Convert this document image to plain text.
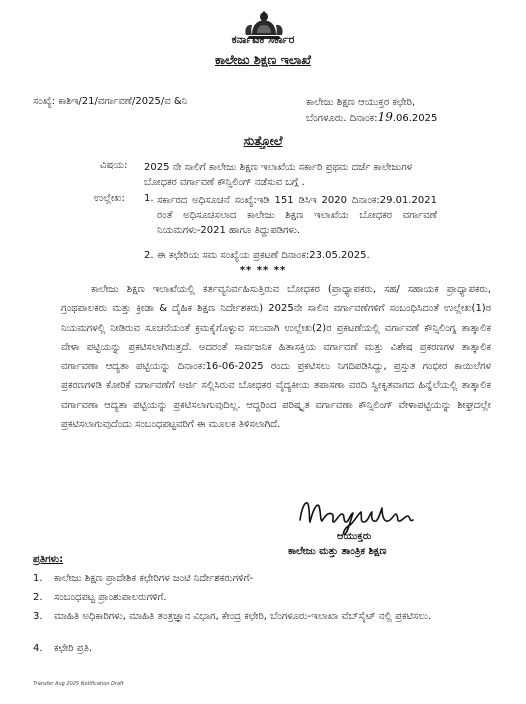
ಕರ್ನಾಟಕ ಸರ್ಕಾರ
ಕಾಲೇಜು ಶಿಕ್ಷಣ ಇಲಾಖೆ
ಸಂಖ್ಯೆ: ಕಾಶಿಇ/21/ವರ್ಗಾವಣೆ/2025/ವ &ನಿ	ಕಾಲೇಜು ಶಿಕ್ಷಣ ಆಯುಕ್ತರ ಕಛೇರಿ,
ಬೆಂಗಳೂರು. ದಿನಾಂಕ:19.06.2025
ಸುತ್ತೋಲೆ
ವಿಷಯ: 2025 ನೇ ಸಾಲಿಗೆ ಕಾಲೇಜು ಶಿಕ್ಷಣ ಇಲಾಖೆಯ ಸರ್ಕಾರಿ ಪ್ರಥಮ ದರ್ಜೆ ಕಾಲೇಜುಗಳ ಬೋಧಕರ ವರ್ಗಾವಣೆ ಕೌನ್ಸಿಲಿಂಗ್ ನಡೆಸುವ ಬಗ್ಗೆ .
ಉಲ್ಲೇಖ: 1. ಸರ್ಕಾರದ ಅಧಿಸೂಚನೆ ಸಂಖ್ಯೆ:ಇಡಿ 151 ಡಿಸಿಇ 2020 ದಿನಾಂಕ:29.01.2021 ರಂತೆ ಅಧಿಸೂಚಿಸಲಾದ ಕಾಲೇಜು ಶಿಕ್ಷಣ ಇಲಾಖೆಯ ಬೋಧಕರ ವರ್ಗಾವಣೆ ನಿಯಮಗಳು-2021 ಹಾಗೂ ತಿದ್ದುಪಡಿಗಳು.
2. ಈ ಕಛೇರಿಯ ಸಮ ಸಂಖ್ಯೆಯ ಪ್ರಕಟಣೆ ದಿನಾಂಕ:23.05.2025.
** ** **
ಕಾಲೇಜು ಶಿಕ್ಷಣ ಇಲಾಖೆಯಲ್ಲಿ ಕರ್ತವ್ಯನಿರ್ವಹಿಸುತ್ತಿರುವ ಬೋಧಕರ (ಪ್ರಾಧ್ಯಾಪಕರು, ಸಹ/ ಸಹಾಯಕ ಪ್ರಾಧ್ಯಾಪಕರು, ಗ್ರಂಥಪಾಲಕರು ಮತ್ತು ಕ್ರೀಡಾ & ದೈಹಿಕ ಶಿಕ್ಷಣ ನಿರ್ದೇಶಕರು) 2025ನೇ ಸಾಲಿನ ವರ್ಗಾವಣೆಗಳಿಗೆ ಸಂಬಂಧಿಸಿದಂತೆ ಉಲ್ಲೇಖ(1)ರ ನಿಯಮಗಳಲ್ಲಿ ನೀಡಿರುವ ಸೂಚನೆಯಂತೆ ಕ್ರಮಕೈಗೊಳ್ಳುವ ಸಲುವಾಗಿ ಉಲ್ಲೇಖ(2)ರ ಪ್ರಕಟಣೆಯಲ್ಲಿ ವರ್ಗಾವಣೆ ಕೌನ್ಸಿಲಿಂಗ್ನ ತಾತ್ಕಾಲಿಕ ವೇಳಾ ಪಟ್ಟಿಯನ್ನು ಪ್ರಕಟಿಸಲಾಗಿರುತ್ತದೆ. ಅದರಂತೆ ಸಾರ್ವಜನಿಕ ಹಿತಾಸಕ್ತಿಯ ವರ್ಗಾವಣೆ ಮತ್ತು ವಿಶೇಷ ಪ್ರಕರಣಗಳ ತಾತ್ಕಾಲಿಕ ವರ್ಗಾವಣಾ ಆದ್ಯತಾ ಪಟ್ಟಿಯನ್ನು ದಿನಾಂಕ:16-06-2025 ರಂದು ಪ್ರಕಟಿಸಲು ನಿಗದಿಪಡಿಸಿದ್ದು, ಪ್ರಸ್ತುತ ಗಂಭೀರ ಕಾಯಿಲೆಗಳ ಪ್ರಕರಣಗಳಡಿ ಕೋರಿಕೆ ವರ್ಗಾವಣೆಗೆ ಅರ್ಜಿ ಸಲ್ಲಿಸಿರುವ ಬೋಧಕರ ವೈದ್ಯಕೀಯ ತಪಾಸಣಾ ವರದಿ ಸ್ವೀಕೃತವಾಗದ ಹಿನ್ನೆಲೆಯಲ್ಲಿ ತಾತ್ಕಾಲಿಕ ವರ್ಗಾವಣಾ ಆದ್ಯತಾ ಪಟ್ಟಿಯನ್ನು ಪ್ರಕಟಿಸಲಾಗುವುದಿಲ್ಲ. ಆದ್ದರಿಂದ ಪರಿಷ್ಕೃತ ವರ್ಗಾವಣಾ ಕೌನ್ಸಿಲಿಂಗ್ ವೇಳಾಪಟ್ಟಿಯನ್ನು ಶೀಘ್ರದಲ್ಲೇ ಪ್ರಕಟಿಸಲಾಗುವುದೆಂದು ಸಂಬಂಧಪಟ್ಟವರಿಗೆ ಈ ಮೂಲಕ ತಿಳಿಸಲಾಗಿದೆ.
ಆಯುಕ್ತರು
ಕಾಲೇಜು ಮತ್ತು ತಾಂತ್ರಿಕ ಶಿಕ್ಷಣ
ಪ್ರತಿಗಳು:
1.	ಕಾಲೇಜು ಶಿಕ್ಷಣ ಪ್ರಾದೇಶಿಕ ಕಛೇರಿಗಳ ಜಂಟಿ ನಿರ್ದೇಶಕರುಗಳಿಗೆ-
2.	ಸಂಬಂಧಪಟ್ಟ ಪ್ರಾಂಶುಪಾಲರುಗಳಿಗೆ.
3.	ಮಾಹಿತಿ ಅಧಿಕಾರಿಗಳು, ಮಾಹಿತಿ ತಂತ್ರಜ್ಞಾನ ವಿಭಾಗ, ಕೇಂದ್ರ ಕಛೇರಿ, ಬೆಂಗಳೂರು-ಇಲಾಖಾ ವೆಬ್‌ಸೈಟ್ ನಲ್ಲಿ ಪ್ರಕಟಿಸಲು.
4.	ಕಛೇರಿ ಪ್ರತಿ.
Transfer Aug 2025 Notification Draft
